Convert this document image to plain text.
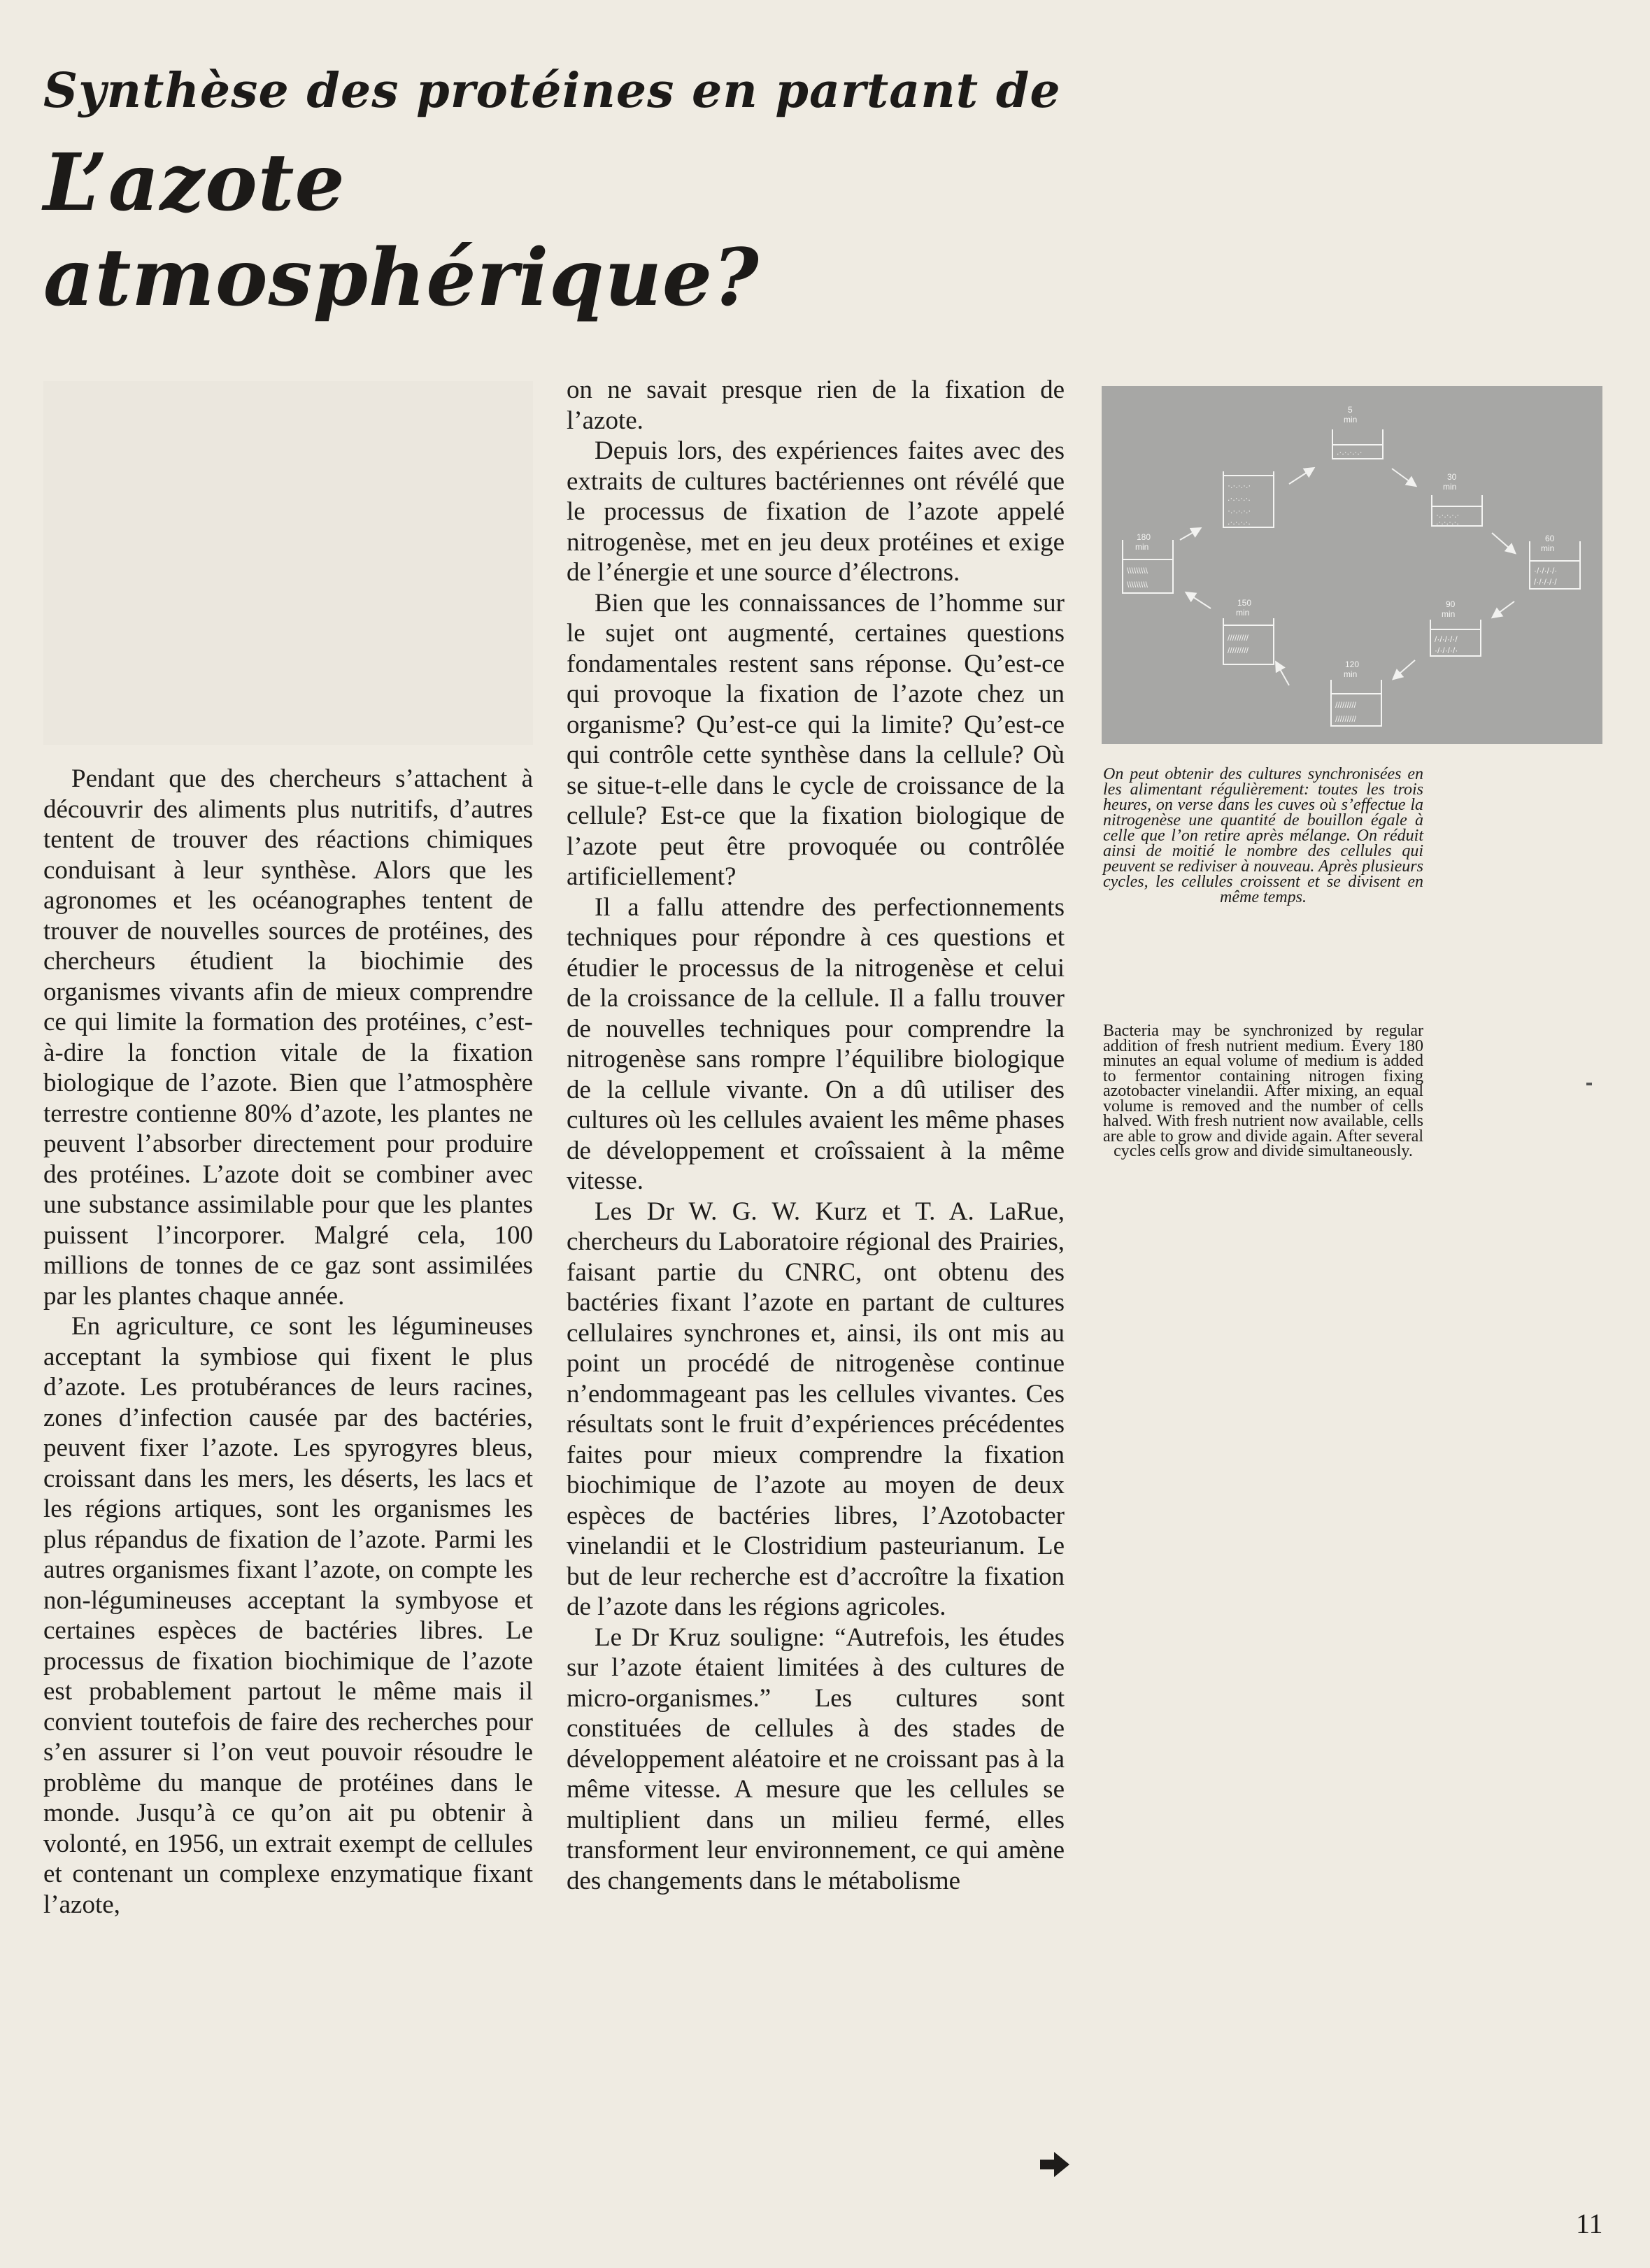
Synthèse des protéines en partant de
L’azote
atmosphérique?

Pendant que des chercheurs s’attachent à découvrir des aliments plus nutritifs, d’autres tentent de trouver des réactions chimiques conduisant à leur synthèse. Alors que les agronomes et les océanographes tentent de trouver de nouvelles sources de protéines, des chercheurs étudient la biochimie des organismes vivants afin de mieux comprendre ce qui limite la formation des protéines, c’est-à-dire la fonction vitale de la fixation biologique de l’azote. Bien que l’atmosphère terrestre contienne 80% d’azote, les plantes ne peuvent l’absorber directement pour produire des protéines. L’azote doit se combiner avec une substance assimilable pour que les plantes puissent l’incorporer. Malgré cela, 100 millions de tonnes de ce gaz sont assimilées par les plantes chaque année.

En agriculture, ce sont les légumineuses acceptant la symbiose qui fixent le plus d’azote. Les protubérances de leurs racines, zones d’infection causée par des bactéries, peuvent fixer l’azote. Les spyrogyres bleus, croissant dans les mers, les déserts, les lacs et les régions artiques, sont les organismes les plus répandus de fixation de l’azote. Parmi les autres organismes fixant l’azote, on compte les non-légumineuses acceptant la symbyose et certaines espèces de bactéries libres. Le processus de fixation biochimique de l’azote est probablement partout le même mais il convient toutefois de faire des recherches pour s’en assurer si l’on veut pouvoir résoudre le problème du manque de protéines dans le monde. Jusqu’à ce qu’on ait pu obtenir à volonté, en 1956, un extrait exempt de cellules et contenant un complexe enzymatique fixant l’azote,

on ne savait presque rien de la fixation de l’azote.

Depuis lors, des expériences faites avec des extraits de cultures bactériennes ont révélé que le processus de fixation de l’azote appelé nitrogenèse, met en jeu deux protéines et exige de l’énergie et une source d’électrons.

Bien que les connaissances de l’homme sur le sujet ont augmenté, certaines questions fondamentales restent sans réponse. Qu’est-ce qui provoque la fixation de l’azote chez un organisme? Qu’est-ce qui la limite? Qu’est-ce qui contrôle cette synthèse dans la cellule? Où se situe-t-elle dans le cycle de croissance de la cellule? Est-ce que la fixation biologique de l’azote peut être provoquée ou contrôlée artificiellement?

Il a fallu attendre des perfectionnements techniques pour répondre à ces questions et étudier le processus de la nitrogenèse et celui de la croissance de la cellule. Il a fallu trouver de nouvelles techniques pour comprendre la nitrogenèse sans rompre l’équilibre biologique de la cellule vivante. On a dû utiliser des cultures où les cellules avaient les même phases de développement et croîssaient à la même vitesse.

Les Dr W. G. W. Kurz et T. A. LaRue, chercheurs du Laboratoire régional des Prairies, faisant partie du CNRC, ont obtenu des bactéries fixant l’azote en partant de cultures cellulaires synchrones et, ainsi, ils ont mis au point un procédé de nitrogenèse continue n’endommageant pas les cellules vivantes. Ces résultats sont le fruit d’expériences précédentes faites pour mieux comprendre la fixation biochimique de l’azote au moyen de deux espèces de bactéries libres, l’Azotobacter vinelandii et le Clostridium pasteurianum. Le but de leur recherche est d’accroître la fixation de l’azote dans les régions agricoles.

Le Dr Kruz souligne: “Autrefois, les études sur l’azote étaient limitées à des cultures de micro-organismes.” Les cultures sont constituées de cellules à des stades de développement aléatoire et ne croissant pas à la même vitesse. A mesure que les cellules se multiplient dans un milieu fermé, elles transforment leur environnement, ce qui amène des changements dans le métabolisme

5
min
.·.·.·.·.·
·.·.·.·.·
.·.·.·.·.
·.·.·.·.·
.·.·.·.·.
30
min
·.·.·.·.·
.·.·.·.·.
60
min
·/·/·/·/·
/·/·/·/·/
90
min
/·/·/·/·/
·/·/·/·/·
120
min
/////////
/////////
150
min
/////////
/////////
180
min
\\\\\\\\\
\\\\\\\\\

On peut obtenir des cultures synchronisées en les alimentant régulièrement: toutes les trois heures, on verse dans les cuves où s’effectue la nitrogenèse une quantité de bouillon égale à celle que l’on retire après mélange. On réduit ainsi de moitié le nombre des cellules qui peuvent se rediviser à nouveau. Après plusieurs cycles, les cellules croissent et se divisent en même temps.

Bacteria may be synchronized by regular addition of fresh nutrient medium. Every 180 minutes an equal volume of medium is added to fermentor containing nitrogen fixing azotobacter vinelandii. After mixing, an equal volume is removed and the number of cells halved. With fresh nutrient now available, cells are able to grow and divide again. After several cycles cells grow and divide simultaneously.

11
